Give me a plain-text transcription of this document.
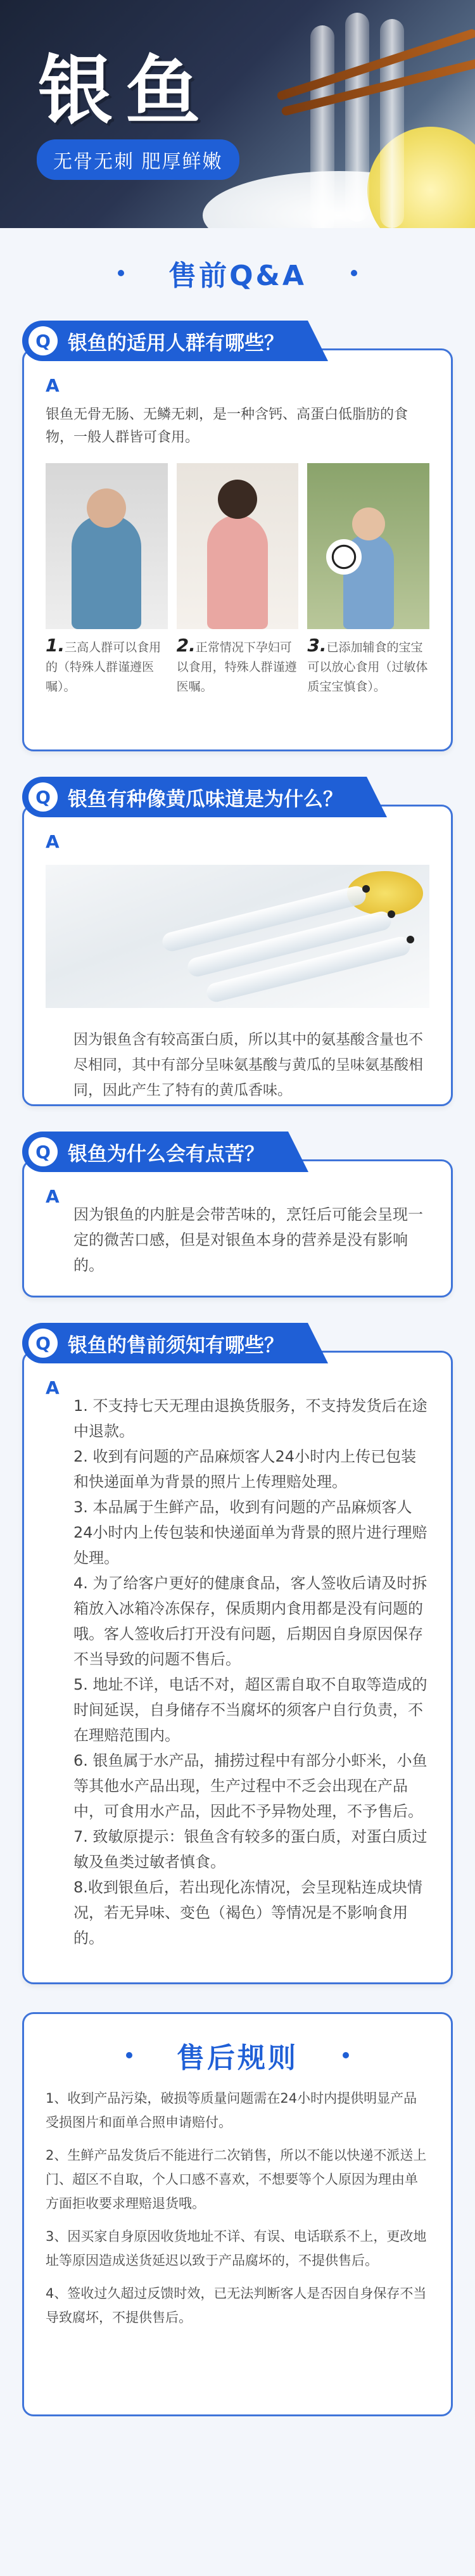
银鱼
无骨无刺 肥厚鲜嫩
售前Q&A
Q 银鱼的适用人群有哪些？
A

银鱼无骨无肠、无鳞无刺，是一种含钙、高蛋白低脂肪的食物，一般人群皆可食用。

1.三高人群可以食用的（特殊人群谨遵医嘱）。
2.正常情况下孕妇可以食用，特殊人群谨遵医嘱。
3.已添加辅食的宝宝可以放心食用（过敏体质宝宝慎食）。
Q 银鱼有种像黄瓜味道是为什么？
A

因为银鱼含有较高蛋白质，所以其中的氨基酸含量也不尽相同，其中有部分呈味氨基酸与黄瓜的呈味氨基酸相同，因此产生了特有的黄瓜香味。

Q 银鱼为什么会有点苦？
A

因为银鱼的内脏是会带苦味的，烹饪后可能会呈现一定的微苦口感，但是对银鱼本身的营养是没有影响的。

Q 银鱼的售前须知有哪些？
A

1. 不支持七天无理由退换货服务，不支持发货后在途中退款。
2. 收到有问题的产品麻烦客人24小时内上传已包装和快递面单为背景的照片上传理赔处理。
3. 本品属于生鲜产品，收到有问题的产品麻烦客人24小时内上传包装和快递面单为背景的照片进行理赔处理。
4. 为了给客户更好的健康食品，客人签收后请及时拆箱放入冰箱冷冻保存，保质期内食用都是没有问题的哦。客人签收后打开没有问题，后期因自身原因保存不当导致的问题不售后。
5. 地址不详，电话不对，超区需自取不自取等造成的时间延误，自身储存不当腐坏的须客户自行负责，不在理赔范围内。
6. 银鱼属于水产品，捕捞过程中有部分小虾米，小鱼等其他水产品出现，生产过程中不乏会出现在产品中，可食用水产品，因此不予异物处理，不予售后。
7. 致敏原提示：银鱼含有较多的蛋白质，对蛋白质过敏及鱼类过敏者慎食。
8.收到银鱼后，若出现化冻情况，会呈现粘连成块情况，若无异味、变色（褐色）等情况是不影响食用的。

售后规则

1、收到产品污染，破损等质量问题需在24小时内提供明显产品受损图片和面单合照申请赔付。

2、生鲜产品发货后不能进行二次销售，所以不能以快递不派送上门、超区不自取，个人口感不喜欢，不想要等个人原因为理由单方面拒收要求理赔退货哦。

3、因买家自身原因收货地址不详、有误、电话联系不上，更改地址等原因造成送货延迟以致于产品腐坏的，不提供售后。

4、签收过久超过反馈时效，已无法判断客人是否因自身保存不当导致腐坏，不提供售后。
